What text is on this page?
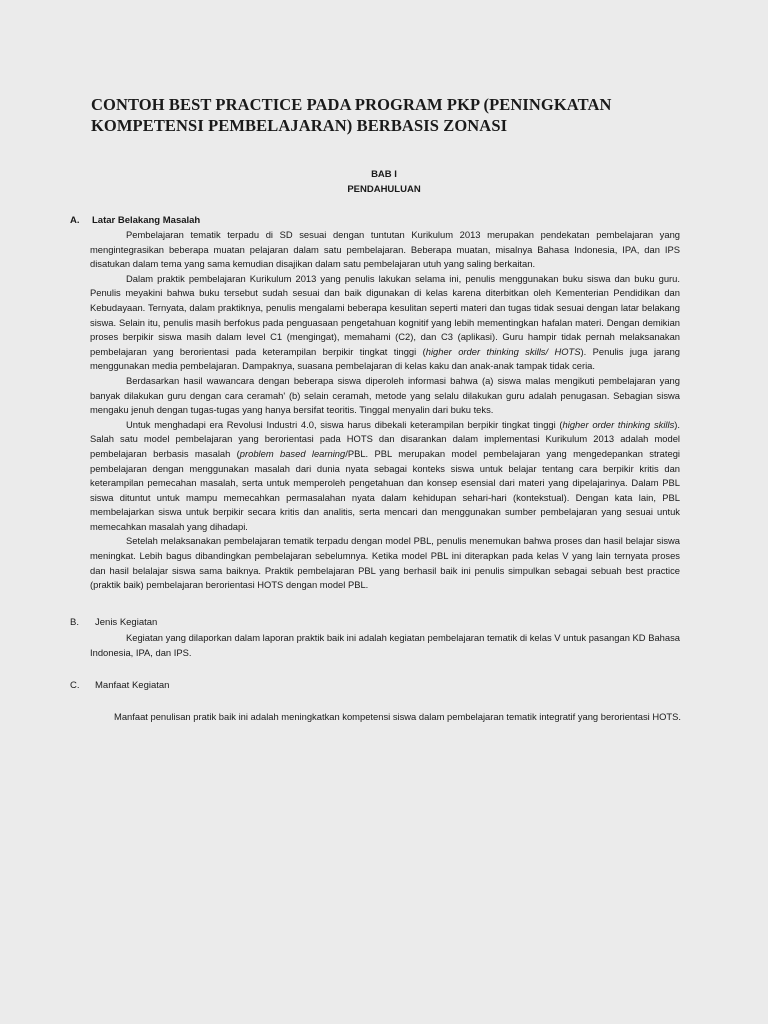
CONTOH BEST PRACTICE PADA PROGRAM PKP (PENINGKATAN
KOMPETENSI PEMBELAJARAN) BERBASIS ZONASI

BAB I

PENDAHULUAN

A. Latar Belakang Masalah

Pembelajaran tematik terpadu di SD sesuai dengan tuntutan Kurikulum 2013 merupakan pendekatan pembelajaran yang mengintegrasikan beberapa muatan pelajaran dalam satu pembelajaran. Beberapa muatan, misalnya Bahasa Indonesia, IPA, dan IPS disatukan dalam tema yang sama kemudian disajikan dalam satu pembelajaran utuh yang saling berkaitan.

Dalam praktik pembelajaran Kurikulum 2013 yang penulis lakukan selama ini, penulis menggunakan buku siswa dan buku guru. Penulis meyakini bahwa buku tersebut sudah sesuai dan baik digunakan di kelas karena diterbitkan oleh Kementerian Pendidikan dan Kebudayaan. Ternyata, dalam praktiknya, penulis mengalami beberapa kesulitan seperti materi dan tugas tidak sesuai dengan latar belakang siswa. Selain itu, penulis masih berfokus pada penguasaan pengetahuan kognitif yang lebih mementingkan hafalan materi. Dengan demikian proses berpikir siswa masih dalam level C1 (mengingat), memahami (C2), dan C3 (aplikasi). Guru hampir tidak pernah melaksanakan pembelajaran yang berorientasi pada keterampilan berpikir tingkat tinggi (higher order thinking skills/ HOTS). Penulis juga jarang menggunakan media pembelajaran. Dampaknya, suasana pembelajaran di kelas kaku dan anak-anak tampak tidak ceria.

Berdasarkan hasil wawancara dengan beberapa siswa diperoleh informasi bahwa (a) siswa malas mengikuti pembelajaran yang banyak dilakukan guru dengan cara ceramah' (b) selain ceramah, metode yang selalu dilakukan guru adalah penugasan. Sebagian siswa mengaku jenuh dengan tugas-tugas yang hanya bersifat teoritis. Tinggal menyalin dari buku teks.

Untuk menghadapi era Revolusi Industri 4.0, siswa harus dibekali keterampilan berpikir tingkat tinggi (higher order thinking skills). Salah satu model pembelajaran yang berorientasi pada HOTS dan disarankan dalam implementasi Kurikulum 2013 adalah model pembelajaran berbasis masalah (problem based learning/PBL. PBL merupakan model pembelajaran yang mengedepankan strategi pembelajaran dengan menggunakan masalah dari dunia nyata sebagai konteks siswa untuk belajar tentang cara berpikir kritis dan keterampilan pemecahan masalah, serta untuk memperoleh pengetahuan dan konsep esensial dari materi yang dipelajarinya. Dalam PBL siswa dituntut untuk mampu memecahkan permasalahan nyata dalam kehidupan sehari-hari (kontekstual). Dengan kata lain, PBL membelajarkan siswa untuk berpikir secara kritis dan analitis, serta mencari dan menggunakan sumber pembelajaran yang sesuai untuk memecahkan masalah yang dihadapi.

Setelah melaksanakan pembelajaran tematik terpadu dengan model PBL, penulis menemukan bahwa proses dan hasil belajar siswa meningkat. Lebih bagus dibandingkan pembelajaran sebelumnya. Ketika model PBL ini diterapkan pada kelas V yang lain ternyata proses dan hasil belalajar siswa sama baiknya. Praktik pembelajaran PBL yang berhasil baik ini penulis simpulkan sebagai sebuah best practice (praktik baik) pembelajaran berorientasi HOTS dengan model PBL.

B. Jenis Kegiatan

Kegiatan yang dilaporkan dalam laporan praktik baik ini adalah kegiatan pembelajaran tematik di kelas V untuk pasangan KD Bahasa Indonesia, IPA, dan IPS.

C. Manfaat Kegiatan

Manfaat penulisan pratik baik ini adalah meningkatkan kompetensi siswa dalam pembelajaran tematik integratif yang berorientasi HOTS.
